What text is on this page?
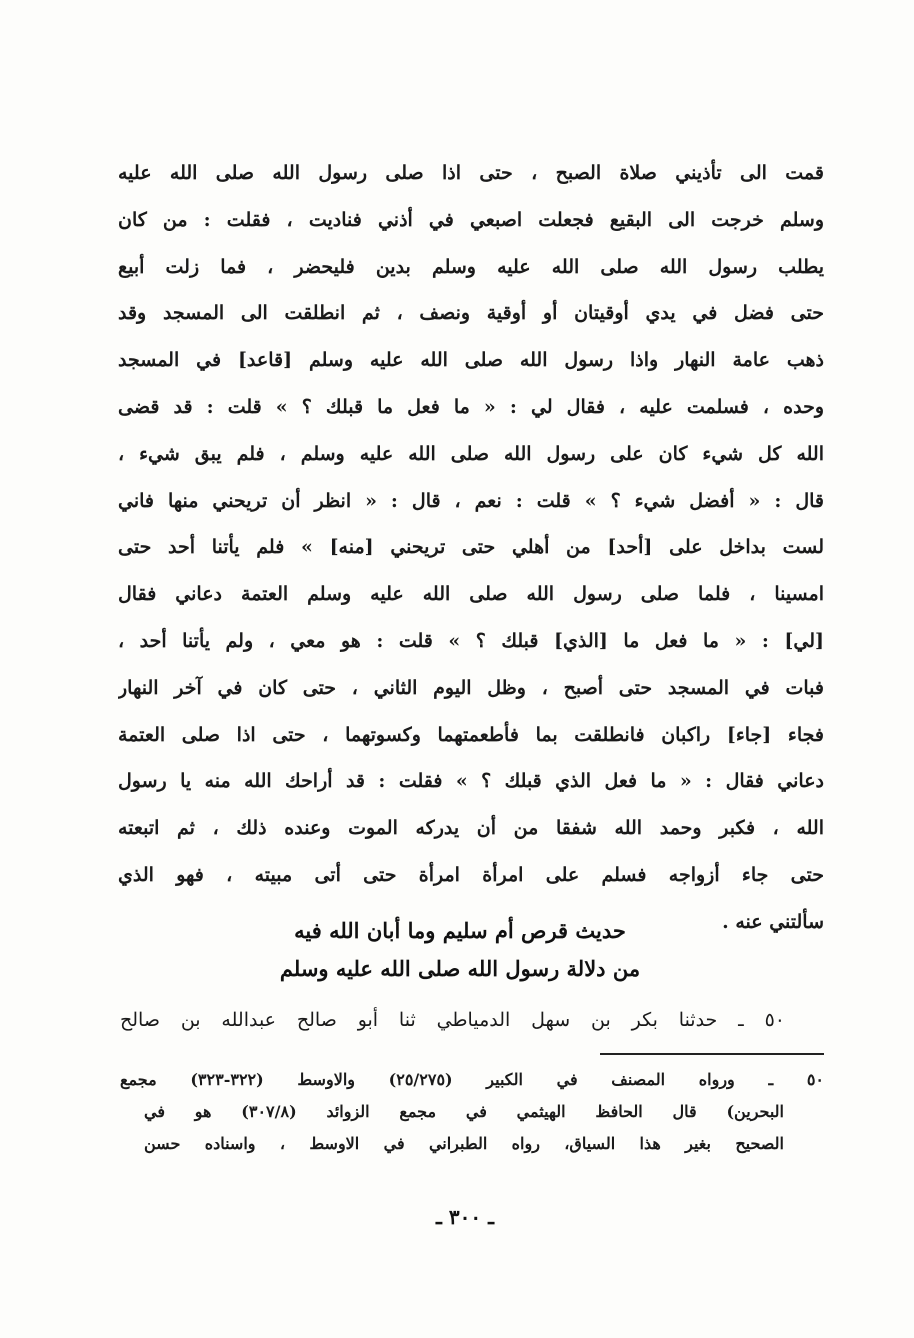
قمت الى تأذيني صلاة الصبح ، حتى اذا صلى رسول الله صلى الله عليه
وسلم خرجت الى البقيع فجعلت اصبعي في أذني فناديت ، فقلت : من كان
يطلب رسول الله صلى الله عليه وسلم بدين فليحضر ، فما زلت أبيع
حتى فضل في يدي أوقيتان أو أوقية ونصف ، ثم انطلقت الى المسجد وقد
ذهب عامة النهار واذا رسول الله صلى الله عليه وسلم [قاعد] في المسجد
وحده ، فسلمت عليه ، فقال لي : « ما فعل ما قبلك ؟ » قلت : قد قضى
الله كل شيء كان على رسول الله صلى الله عليه وسلم ، فلم يبق شيء ،
قال : « أفضل شيء ؟ » قلت : نعم ، قال : « انظر أن تريحني منها فاني
لست بداخل على [أحد] من أهلي حتى تريحني [منه] » فلم يأتنا أحد حتى
امسينا ، فلما صلى رسول الله صلى الله عليه وسلم العتمة دعاني فقال
[لي] : « ما فعل ما [الذي] قبلك ؟ » قلت : هو معي ، ولم يأتنا أحد ،
فبات في المسجد حتى أصبح ، وظل اليوم الثاني ، حتى كان في آخر النهار
فجاء [جاء] راكبان فانطلقت بما فأطعمتهما وكسوتهما ، حتى اذا صلى العتمة
دعاني فقال : « ما فعل الذي قبلك ؟ » فقلت : قد أراحك الله منه يا رسول
الله ، فكبر وحمد الله شفقا من أن يدركه الموت وعنده ذلك ، ثم اتبعته
حتى جاء أزواجه فسلم على امرأة امرأة حتى أتى مبيته ، فهو الذي
سألتني عنه .
حديث قرص أم سليم وما أبان الله فيه
من دلالة رسول الله صلى الله عليه وسلم
٥٠ ـ حدثنا بكر بن سهل الدمياطي ثنا أبو صالح عبدالله بن صالح
٥٠ ـ ورواه المصنف في الكبير (٢٥/٢٧٥) والاوسط (٣٢٢-٣٢٣) مجمع
البحرين) قال الحافظ الهيثمي في مجمع الزوائد (٣٠٧/٨) هو في
الصحيح بغير هذا السياق، رواه الطبراني في الاوسط ، واسناده حسن
ـ ٣٠٠ ـ
